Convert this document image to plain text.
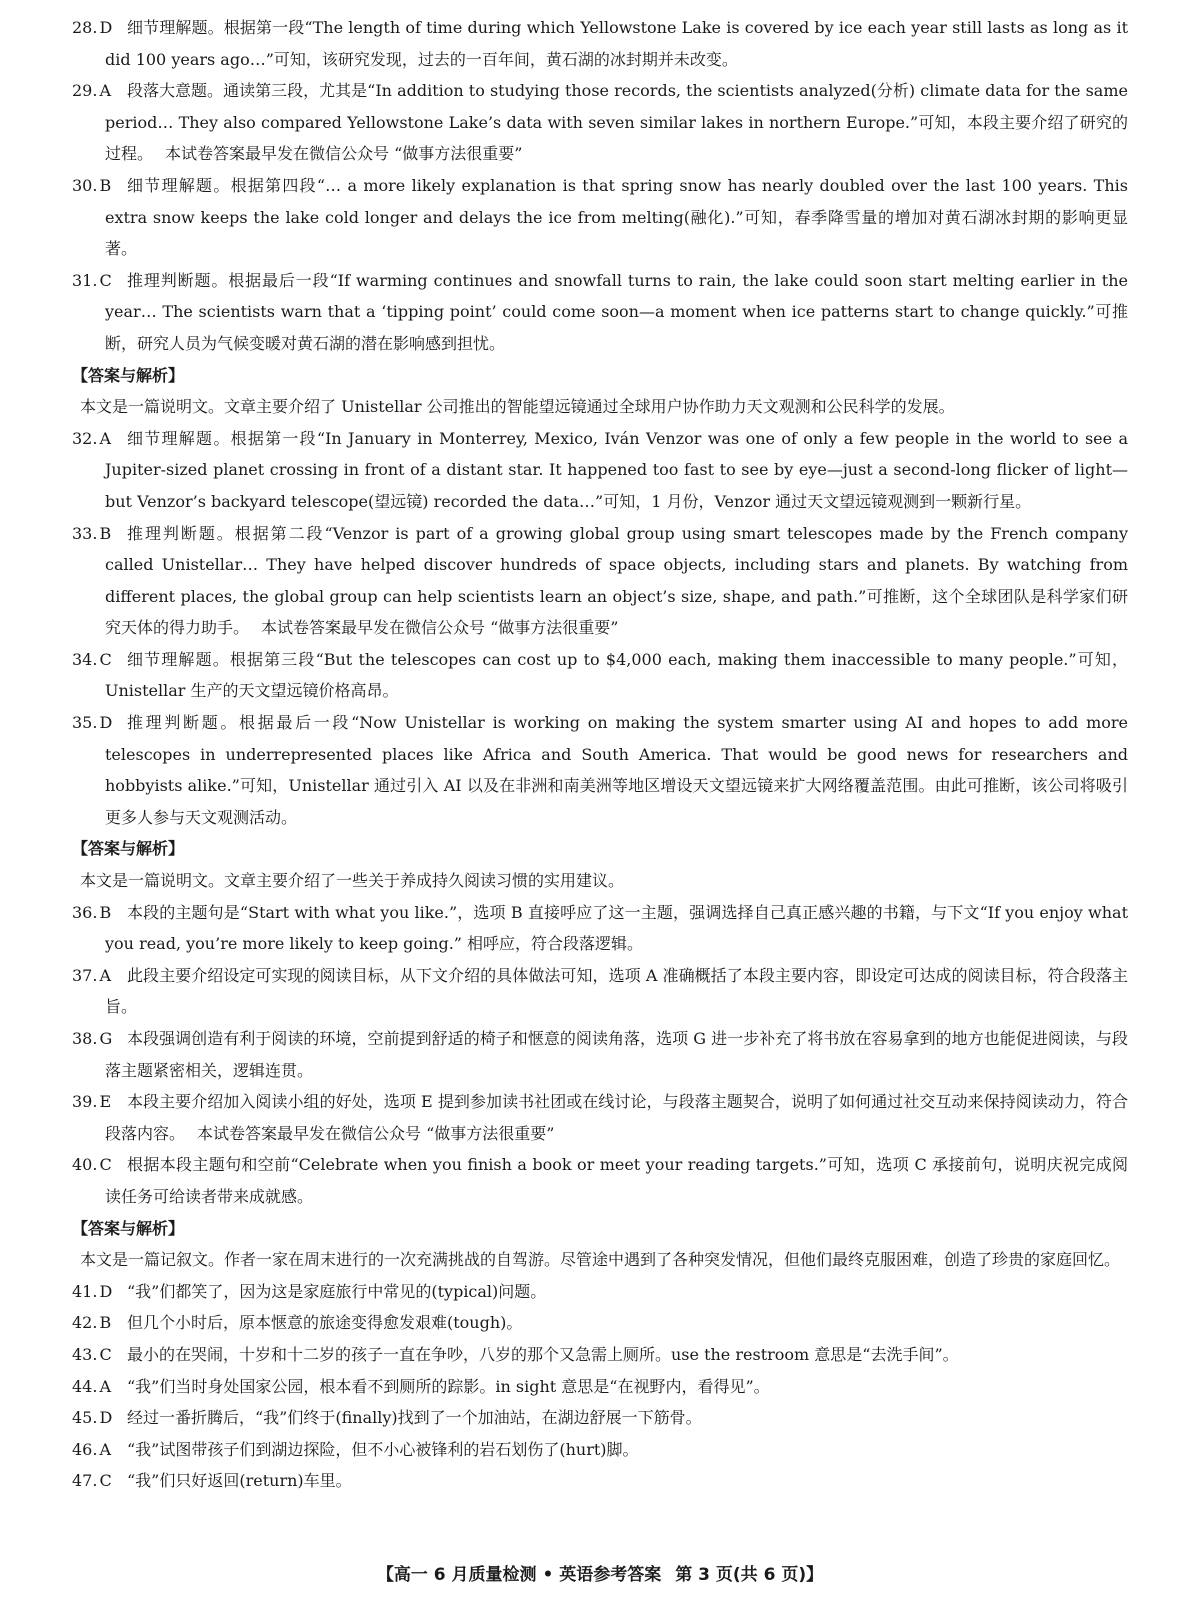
28. D 细节理解题。根据第一段“The length of time during which Yellowstone Lake is covered by ice each year still lasts as long as it did 100 years ago…”可知，该研究发现，过去的一百年间，黄石湖的冰封期并未改变。

29. A 段落大意题。通读第三段，尤其是“In addition to studying those records, the scientists analyzed(分析) climate data for the same period… They also compared Yellowstone Lake’s data with seven similar lakes in northern Europe.”可知，本段主要介绍了研究的过程。 本试卷答案最早发在微信公众号 “做事方法很重要”

30. B 细节理解题。根据第四段“… a more likely explanation is that spring snow has nearly doubled over the last 100 years. This extra snow keeps the lake cold longer and delays the ice from melting(融化).”可知，春季降雪量的增加对黄石湖冰封期的影响更显著。

31. C 推理判断题。根据最后一段“If warming continues and snowfall turns to rain, the lake could soon start melting earlier in the year… The scientists warn that a ‘tipping point’ could come soon—a moment when ice patterns start to change quickly.”可推断，研究人员为气候变暖对黄石湖的潜在影响感到担忧。

【答案与解析】

本文是一篇说明文。文章主要介绍了 Unistellar 公司推出的智能望远镜通过全球用户协作助力天文观测和公民科学的发展。

32. A 细节理解题。根据第一段“In January in Monterrey, Mexico, Iván Venzor was one of only a few people in the world to see a Jupiter-sized planet crossing in front of a distant star. It happened too fast to see by eye—just a second-long flicker of light—but Venzor’s backyard telescope(望远镜) recorded the data…”可知，1 月份，Venzor 通过天文望远镜观测到一颗新行星。

33. B 推理判断题。根据第二段“Venzor is part of a growing global group using smart telescopes made by the French company called Unistellar… They have helped discover hundreds of space objects, including stars and planets. By watching from different places, the global group can help scientists learn an object’s size, shape, and path.”可推断，这个全球团队是科学家们研究天体的得力助手。 本试卷答案最早发在微信公众号 “做事方法很重要”

34. C 细节理解题。根据第三段“But the telescopes can cost up to $4,000 each, making them inaccessible to many people.”可知，Unistellar 生产的天文望远镜价格高昂。

35. D 推理判断题。根据最后一段“Now Unistellar is working on making the system smarter using AI and hopes to add more telescopes in underrepresented places like Africa and South America. That would be good news for researchers and hobbyists alike.”可知，Unistellar 通过引入 AI 以及在非洲和南美洲等地区增设天文望远镜来扩大网络覆盖范围。由此可推断，该公司将吸引更多人参与天文观测活动。

【答案与解析】

本文是一篇说明文。文章主要介绍了一些关于养成持久阅读习惯的实用建议。

36. B 本段的主题句是“Start with what you like.”，选项 B 直接呼应了这一主题，强调选择自己真正感兴趣的书籍，与下文“If you enjoy what you read, you’re more likely to keep going.” 相呼应，符合段落逻辑。

37. A 此段主要介绍设定可实现的阅读目标，从下文介绍的具体做法可知，选项 A 准确概括了本段主要内容，即设定可达成的阅读目标，符合段落主旨。

38. G 本段强调创造有利于阅读的环境，空前提到舒适的椅子和惬意的阅读角落，选项 G 进一步补充了将书放在容易拿到的地方也能促进阅读，与段落主题紧密相关，逻辑连贯。

39. E 本段主要介绍加入阅读小组的好处，选项 E 提到参加读书社团或在线讨论，与段落主题契合，说明了如何通过社交互动来保持阅读动力，符合段落内容。 本试卷答案最早发在微信公众号 “做事方法很重要”

40. C 根据本段主题句和空前“Celebrate when you finish a book or meet your reading targets.”可知，选项 C 承接前句，说明庆祝完成阅读任务可给读者带来成就感。

【答案与解析】

本文是一篇记叙文。作者一家在周末进行的一次充满挑战的自驾游。尽管途中遇到了各种突发情况，但他们最终克服困难，创造了珍贵的家庭回忆。

41. D “我”们都笑了，因为这是家庭旅行中常见的(typical)问题。

42. B 但几个小时后，原本惬意的旅途变得愈发艰难(tough)。

43. C 最小的在哭闹，十岁和十二岁的孩子一直在争吵，八岁的那个又急需上厕所。use the restroom 意思是“去洗手间”。

44. A “我”们当时身处国家公园，根本看不到厕所的踪影。in sight 意思是“在视野内，看得见”。

45. D 经过一番折腾后，“我”们终于(finally)找到了一个加油站，在湖边舒展一下筋骨。

46. A “我”试图带孩子们到湖边探险，但不小心被锋利的岩石划伤了(hurt)脚。

47. C “我”们只好返回(return)车里。

【高一 6 月质量检测 • 英语参考答案 第 3 页(共 6 页)】
